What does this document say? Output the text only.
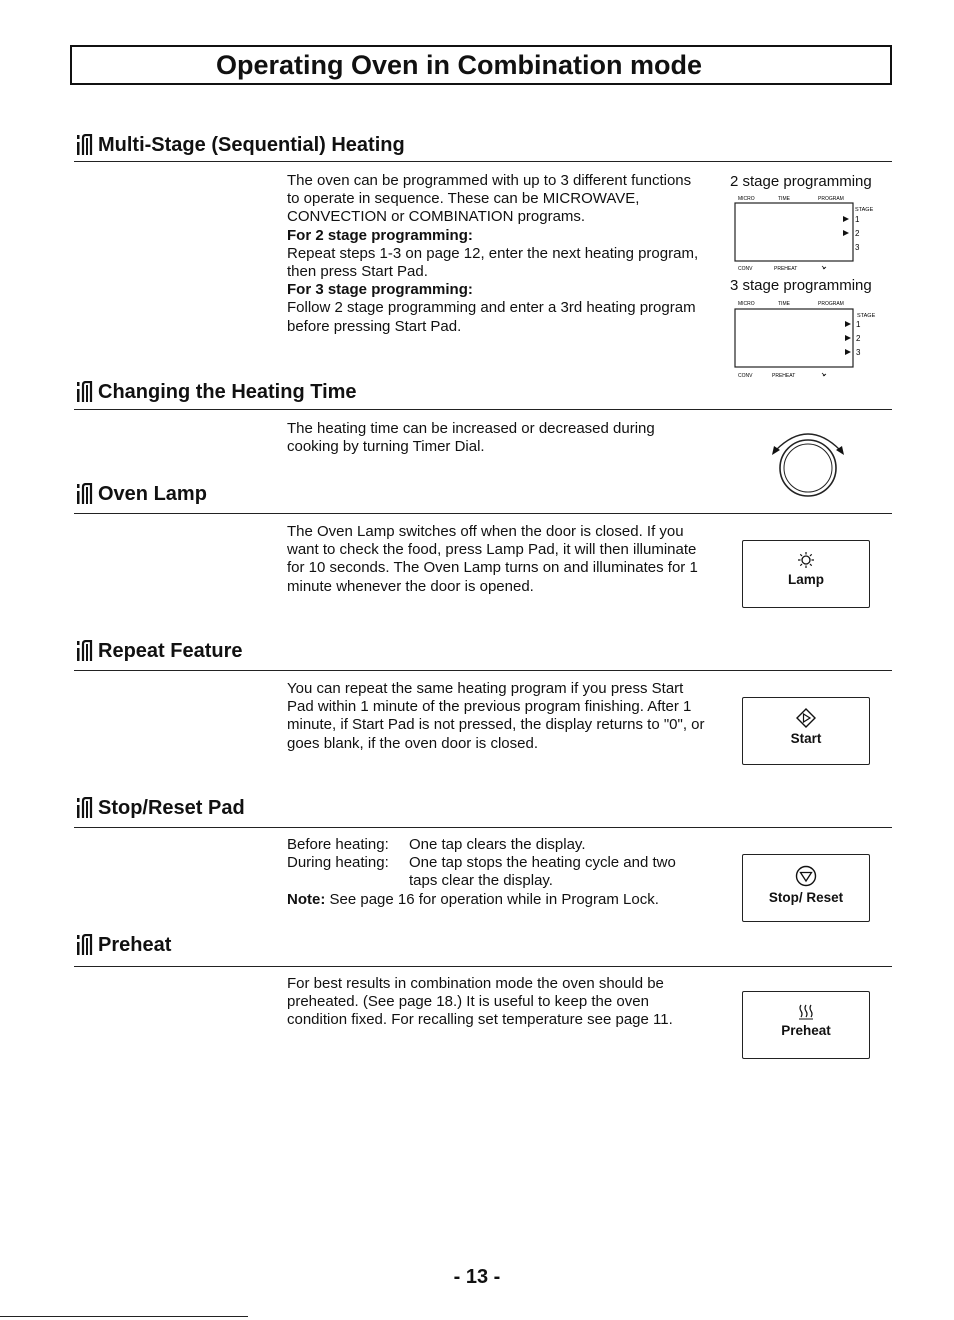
Operating Oven in Combination mode
Multi-Stage (Sequential) Heating

The oven can be programmed with up to 3 different functions to operate in sequence. These can be MICROWAVE, CONVECTION or COMBINATION programs.

For 2 stage programming:

Repeat steps 1-3 on page 12, enter the next heating program, then press Start Pad.

For 3 stage programming:

Follow 2 stage programming and enter a 3rd heating program before pressing Start Pad.

2 stage programming
MICRO	TIME	PROGRAM
STAGE
1
2
3
CONV	PREHEAT
3 stage programming
MICRO	TIME	PROGRAM
STAGE
1
2
3
CONV	PREHEAT
Changing the Heating Time
The heating time can be increased or decreased during cooking by turning Timer Dial.
Oven Lamp
The Oven Lamp switches off when the door is closed. If you want to check the food, press Lamp Pad, it will then illuminate for 10 seconds. The Oven Lamp turns on and illuminates for 1 minute whenever the door is opened.	Lamp
Repeat Feature
You can repeat the same heating program if you press Start Pad within 1 minute of the previous program finishing. After 1 minute, if Start Pad is not pressed, the display returns to "0", or goes blank, if the oven door is closed.	Start
Stop/Reset Pad
Before heating:	One tap clears the display.
During heating:	One tap stops the heating cycle and two taps clear the display.

Note: See page 16 for operation while in Program Lock.	Stop/ Reset
Preheat
For best results in combination mode the oven should be preheated. (See page 18.) It is useful to keep the oven condition fixed. For recalling set temperature see page 11.
Preheat
- 13 -
